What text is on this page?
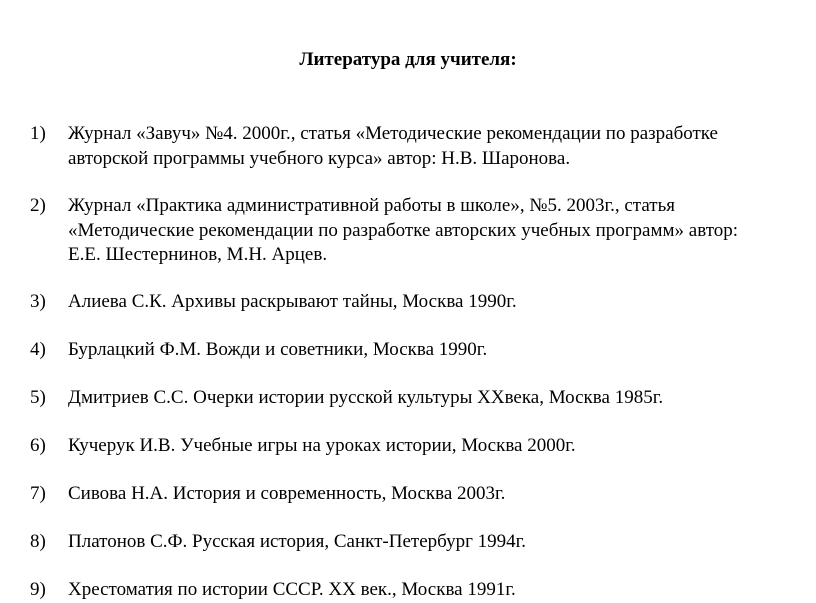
Литература для учителя:
1) Журнал «Завуч» №4. 2000г., статья «Методические рекомендации по разработке
авторской программы учебного курса» автор: Н.В. Шаронова.
2) Журнал «Практика административной работы в школе», №5. 2003г., статья
«Методические рекомендации по разработке авторских учебных программ» автор:
Е.Е. Шестернинов, М.Н. Арцев.
3) Алиева С.К. Архивы раскрывают тайны, Москва 1990г.
4) Бурлацкий Ф.М. Вожди и советники, Москва 1990г.
5) Дмитриев С.С. Очерки истории русской культуры XXвека, Москва 1985г.
6) Кучерук И.В. Учебные игры на уроках истории, Москва 2000г.
7) Сивова Н.А. История и современность, Москва 2003г.
8) Платонов С.Ф. Русская история, Санкт-Петербург 1994г.
9) Хрестоматия по истории СССР. XX век., Москва 1991г.
